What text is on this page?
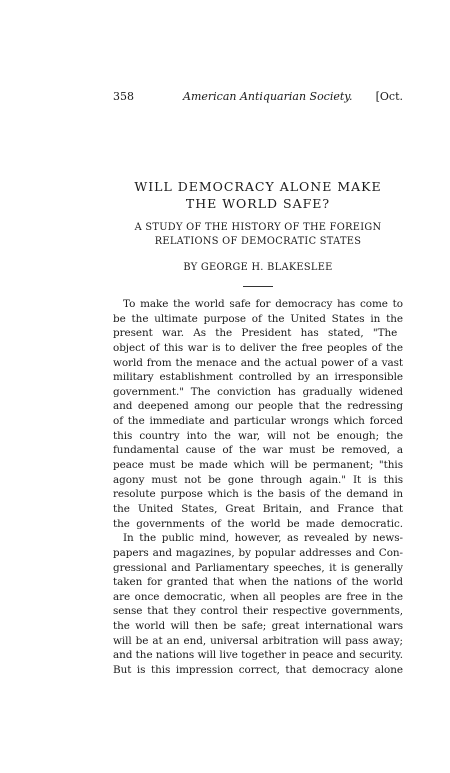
358	American Antiquarian Society. [Oct.
WILL DEMOCRACY ALONE MAKE
THE WORLD SAFE?
A STUDY OF THE HISTORY OF THE FOREIGN
RELATIONS OF DEMOCRATIC STATES
BY GEORGE H. BLAKESLEE
To make the world safe for democracy has come to
be the ultimate purpose of the United States in the
present war. As the President has stated, "The
object of this war is to deliver the free peoples of the
world from the menace and the actual power of a vast
military establishment controlled by an irresponsible
government." The conviction has gradually widened
and deepened among our people that the redressing
of the immediate and particular wrongs which forced
this country into the war, will not be enough; the
fundamental cause of the war must be removed, a
peace must be made which will be permanent; "this
agony must not be gone through again." It is this
resolute purpose which is the basis of the demand in
the United States, Great Britain, and France that
the governments of the world be made democratic.
In the public mind, however, as revealed by news-
papers and magazines, by popular addresses and Con-
gressional and Parliamentary speeches, it is generally
taken for granted that when the nations of the world
are once democratic, when all peoples are free in the
sense that they control their respective governments,
the world will then be safe; great international wars
will be at an end, universal arbitration will pass away;
and the nations will live together in peace and security.
But is this impression correct, that democracy alone
